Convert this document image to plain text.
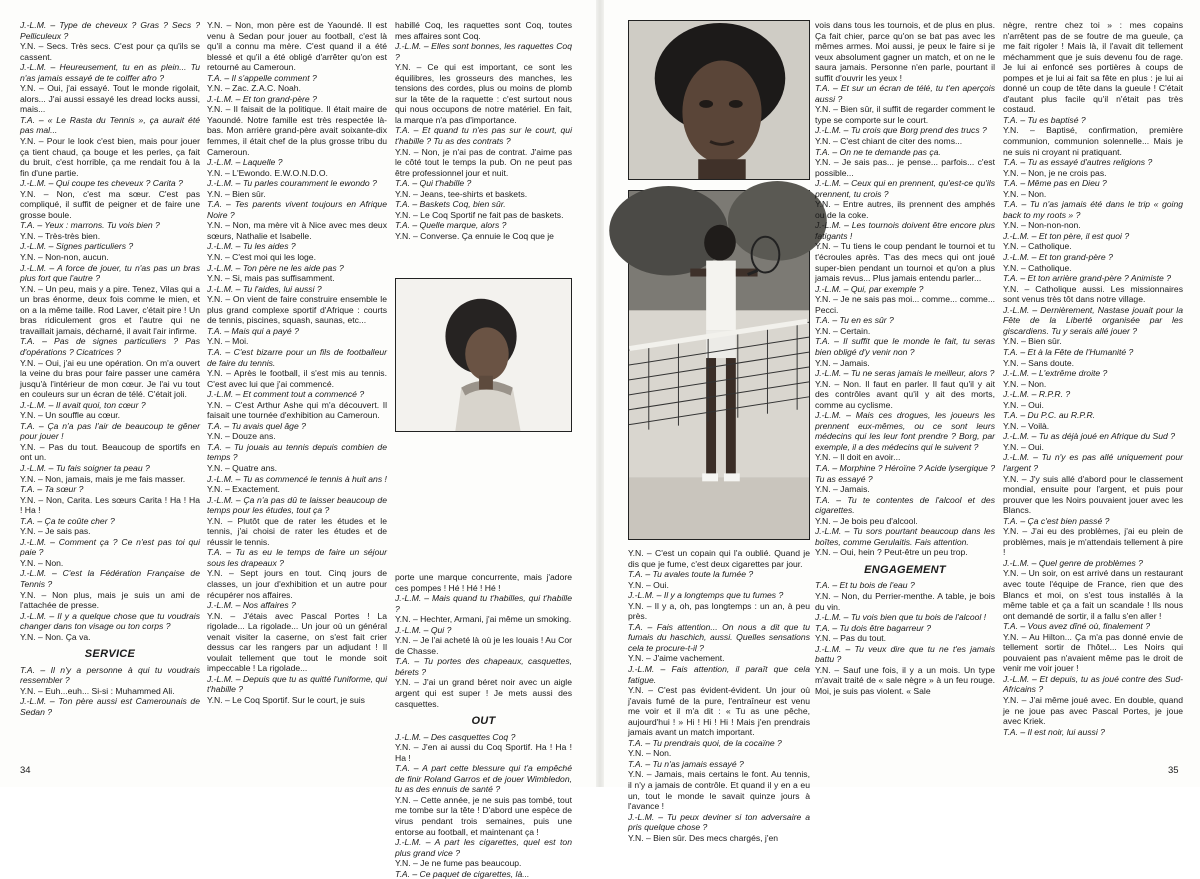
J.-L.M. – Type de cheveux ? Gras ? Secs ? Pelliculeux ?

Y.N. – Secs. Très secs. C'est pour ça qu'ils se cassent.

J.-L.M. – Heureusement, tu en as plein... Tu n'as jamais essayé de te coiffer afro ?

Y.N. – Oui, j'ai essayé. Tout le monde rigolait, alors... J'ai aussi essayé les dread locks aussi, mais...

T.A. – « Le Rasta du Tennis », ça aurait été pas mal...

Y.N. – Pour le look c'est bien, mais pour jouer ça tient chaud, ça bouge et les perles, ça fait du bruit, c'est horrible, ça me rendait fou à la fin d'une partie.

J.-L.M. – Qui coupe tes cheveux ? Carita ?

Y.N. – Non, c'est ma sœur. C'est pas compliqué, il suffit de peigner et de faire une grosse boule.

T.A. – Yeux : marrons. Tu vois bien ?

Y.N. – Très-très bien.

J.-L.M. – Signes particuliers ?

Y.N. – Non-non, aucun.

J.-L.M. – A force de jouer, tu n'as pas un bras plus fort que l'autre ?

Y.N. – Un peu, mais y a pire. Tenez, Vilas qui a un bras énorme, deux fois comme le mien, et on a la même taille. Rod Laver, c'était pire ! Un bras ridiculement gros et l'autre qui ne travaillait jamais, décharné, il avait l'air infirme.

T.A. – Pas de signes particuliers ? Pas d'opérations ? Cicatrices ?

Y.N. – Oui, j'ai eu une opération. On m'a ouvert la veine du bras pour faire passer une caméra jusqu'à l'intérieur de mon cœur. Je l'ai vu tout en couleurs sur un écran de télé. C'était joli.

J.-L.M. – Il avait quoi, ton cœur ?

Y.N. – Un souffle au cœur.

T.A. – Ça n'a pas l'air de beaucoup te gêner pour jouer !

Y.N. – Pas du tout. Beaucoup de sportifs en ont un.

J.-L.M. – Tu fais soigner ta peau ?

Y.N. – Non, jamais, mais je me fais masser.

T.A. – Ta sœur ?

Y.N. – Non, Carita. Les sœurs Carita ! Ha ! Ha ! Ha !

T.A. – Ça te coûte cher ?

Y.N. – Je sais pas.

J.-L.M. – Comment ça ? Ce n'est pas toi qui paie ?

Y.N. – Non.

J.-L.M. – C'est la Fédération Française de Tennis ?

Y.N. – Non plus, mais je suis un ami de l'attachée de presse.

J.-L.M. – Il y a quelque chose que tu voudrais changer dans ton visage ou ton corps ?

Y.N. – Non. Ça va.

SERVICE

T.A. – Il n'y a personne à qui tu voudrais ressembler ?

Y.N. – Euh...euh... Si-si : Muhammed Ali.

J.-L.M. – Ton père aussi est Camerounais de Sedan ?

Y.N. – Non, mon père est de Yaoundé. Il est venu à Sedan pour jouer au football, c'est là qu'il a connu ma mère. C'est quand il a été blessé et qu'il a été obligé d'arrêter qu'on est retourné au Cameroun.

T.A. – Il s'appelle comment ?

Y.N. – Zac. Z.A.C. Noah.

J.-L.M. – Et ton grand-père ?

Y.N. – Il faisait de la politique. Il était maire de Yaoundé. Notre famille est très respectée là-bas. Mon arrière grand-père avait soixante-dix femmes, il était chef de la plus grosse tribu du Cameroun.

J.-L.M. – Laquelle ?

Y.N. – L'Ewondo. E.W.O.N.D.O.

J.-L.M. – Tu parles couramment le ewondo ?

Y.N. – Bien sûr.

T.A. – Tes parents vivent toujours en Afrique Noire ?

Y.N. – Non, ma mère vit à Nice avec mes deux sœurs, Nathalie et Isabelle.

J.-L.M. – Tu les aides ?

Y.N. – C'est moi qui les loge.

J.-L.M. – Ton père ne les aide pas ?

Y.N. – Si, mais pas suffisamment.

J.-L.M. – Tu l'aides, lui aussi ?

Y.N. – On vient de faire construire ensemble le plus grand complexe sportif d'Afrique : courts de tennis, piscines, squash, saunas, etc...

T.A. – Mais qui a payé ?

Y.N. – Moi.

T.A. – C'est bizarre pour un fils de footballeur de faire du tennis.

Y.N. – Après le football, il s'est mis au tennis. C'est avec lui que j'ai commencé.

J.-L.M. – Et comment tout a commencé ?

Y.N. – C'est Arthur Ashe qui m'a découvert. Il faisait une tournée d'exhibition au Cameroun.

T.A. – Tu avais quel âge ?

Y.N. – Douze ans.

T.A. – Tu jouais au tennis depuis combien de temps ?

Y.N. – Quatre ans.

J.-L.M. – Tu as commencé le tennis à huit ans !

Y.N. – Exactement.

J.-L.M. – Ça n'a pas dû te laisser beaucoup de temps pour les études, tout ça ?

Y.N. – Plutôt que de rater les études et le tennis, j'ai choisi de rater les études et de réussir le tennis.

T.A. – Tu as eu le temps de faire un séjour sous les drapeaux ?

Y.N. – Sept jours en tout. Cinq jours de classes, un jour d'exhibition et un autre pour récupérer nos affaires.

J.-L.M. – Nos affaires ?

Y.N. – J'étais avec Pascal Portes ! La rigolade... La rigolade... Un jour où un général venait visiter la caserne, on s'est fait crier dessus car les rangers par un adjudant ! Il voulait tellement que tout le monde soit impeccable ! La rigolade...

J.-L.M. – Depuis que tu as quitté l'uniforme, qui t'habille ?

Y.N. – Le Coq Sportif. Sur le court, je suis

habillé Coq, les raquettes sont Coq, toutes mes affaires sont Coq.

J.-L.M. – Elles sont bonnes, les raquettes Coq ?

Y.N. – Ce qui est important, ce sont les équilibres, les grosseurs des manches, les tensions des cordes, plus ou moins de plomb sur la tête de la raquette : c'est surtout nous qui nous occupons de notre matériel. En fait, la marque n'a pas d'importance.

T.A. – Et quand tu n'es pas sur le court, qui t'habille ? Tu as des contrats ?

Y.N. – Non, je n'ai pas de contrat. J'aime pas le côté tout le temps la pub. On ne peut pas être professionnel jour et nuit.

T.A. – Qui t'habille ?

Y.N. – Jeans, tee-shirts et baskets.

T.A. – Baskets Coq, bien sûr.

Y.N. – Le Coq Sportif ne fait pas de baskets.

T.A. – Quelle marque, alors ?

Y.N. – Converse. Ça ennuie le Coq que je

porte une marque concurrente, mais j'adore ces pompes ! Hé ! Hé ! Hé !

J.-L.M. – Mais quand tu t'habilles, qui t'habille ?

Y.N. – Hechter, Armani, j'ai même un smoking.

J.-L.M. – Qui ?

Y.N. – Je l'ai acheté là où je les louais ! Au Cor de Chasse.

T.A. – Tu portes des chapeaux, casquettes, bérets ?

Y.N. – J'ai un grand béret noir avec un aigle argent qui est super ! Je mets aussi des casquettes.

OUT

J.-L.M. – Des casquettes Coq ?

Y.N. – J'en ai aussi du Coq Sportif. Ha ! Ha ! Ha !

T.A. – A part cette blessure qui t'a empêché de finir Roland Garros et de jouer Wimbledon, tu as des ennuis de santé ?

Y.N. – Cette année, je ne suis pas tombé, tout me tombe sur la tête ! D'abord une espèce de virus pendant trois semaines, puis une entorse au football, et maintenant ça !

J.-L.M. – A part les cigarettes, quel est ton plus grand vice ?

Y.N. – Je ne fume pas beaucoup.

T.A. – Ce paquet de cigarettes, là...

Y.N. – C'est un copain qui l'a oublié. Quand je dis que je fume, c'est deux cigarettes par jour.

T.A. – Tu avales toute la fumée ?

Y.N. – Oui.

J.-L.M. – Il y a longtemps que tu fumes ?

Y.N. – Il y a, oh, pas longtemps : un an, à peu près.

T.A. – Fais attention... On nous a dit que tu fumais du haschich, aussi. Quelles sensations cela te procure-t-il ?

Y.N. – J'aime vachement.

J.-L.M. – Fais attention, il paraît que cela fatigue.

Y.N. – C'est pas évident-évident. Un jour où j'avais fumé de la pure, l'entraîneur est venu me voir et il m'a dit : « Tu as une pêche, aujourd'hui ! » Hi ! Hi ! Hi ! Mais j'en prendrais jamais avant un match important.

T.A. – Tu prendrais quoi, de la cocaïne ?

Y.N. – Non.

T.A. – Tu n'as jamais essayé ?

Y.N. – Jamais, mais certains le font. Au tennis, il n'y a jamais de contrôle. Et quand il y en a eu un, tout le monde le savait quinze jours à l'avance !

J.-L.M. – Tu peux deviner si ton adversaire a pris quelque chose ?

Y.N. – Bien sûr. Des mecs chargés, j'en

vois dans tous les tournois, et de plus en plus. Ça fait chier, parce qu'on se bat pas avec les mêmes armes. Moi aussi, je peux le faire si je veux absolument gagner un match, et on ne le saura jamais. Personne n'en parle, pourtant il suffit d'ouvrir les yeux !

T.A. – Et sur un écran de télé, tu t'en aperçois aussi ?

Y.N. – Bien sûr, il suffit de regarder comment le type se comporte sur le court.

J.-L.M. – Tu crois que Borg prend des trucs ?

Y.N. – C'est chiant de citer des noms...

T.A. – On ne te demande pas ça.

Y.N. – Je sais pas... je pense... parfois... c'est possible...

J.-L.M. – Ceux qui en prennent, qu'est-ce qu'ils prennent, tu crois ?

Y.N. – Entre autres, ils prennent des amphés ou de la coke.

J.-L.M. – Les tournois doivent être encore plus fatigants !

Y.N. – Tu tiens le coup pendant le tournoi et tu t'écroules après. T'as des mecs qui ont joué super-bien pendant un tournoi et qu'on a plus jamais revus... Plus jamais entendu parler...

J.-L.M. – Qui, par exemple ?

Y.N. – Je ne sais pas moi... comme... comme... Pecci.

T.A. – Tu en es sûr ?

Y.N. – Certain.

T.A. – Il suffit que le monde le fait, tu seras bien obligé d'y venir non ?

Y.N. – Jamais.

J.-L.M. – Tu ne seras jamais le meilleur, alors ?

Y.N. – Non. Il faut en parler. Il faut qu'il y ait des contrôles avant qu'il y ait des morts, comme au cyclisme.

J.-L.M. – Mais ces drogues, les joueurs les prennent eux-mêmes, ou ce sont leurs médecins qui les leur font prendre ? Borg, par exemple, il a des médecins qui le suivent ?

Y.N. – Il doit en avoir...

T.A. – Morphine ? Héroïne ? Acide lysergique ? Tu as essayé ?

Y.N. – Jamais.

T.A. – Tu te contentes de l'alcool et des cigarettes.

Y.N. – Je bois peu d'alcool.

J.-L.M. – Tu sors pourtant beaucoup dans les boîtes, comme Gerulaitis. Fais attention.

Y.N. – Oui, hein ? Peut-être un peu trop.

ENGAGEMENT

T.A. – Et tu bois de l'eau ?

Y.N. – Non, du Perrier-menthe. A table, je bois du vin.

J.-L.M. – Tu vois bien que tu bois de l'alcool !

T.A. – Tu dois être bagarreur ?

Y.N. – Pas du tout.

J.-L.M. – Tu veux dire que tu ne t'es jamais battu ?

Y.N. – Sauf une fois, il y a un mois. Un type m'avait traité de « sale nègre » à un feu rouge. Moi, je suis pas violent. « Sale

nègre, rentre chez toi » : mes copains n'arrêtent pas de se foutre de ma gueule, ça me fait rigoler ! Mais là, il l'avait dit tellement méchamment que je suis devenu fou de rage. Je lui ai enfoncé ses portières à coups de pompes et je lui ai fait sa fête en plus : je lui ai donné un coup de tête dans la gueule ! C'était d'autant plus facile qu'il n'était pas très costaud.

T.A. – Tu es baptisé ?

Y.N. – Baptisé, confirmation, première communion, communion solennelle... Mais je ne suis ni croyant ni pratiquant.

T.A. – Tu as essayé d'autres religions ?

Y.N. – Non, je ne crois pas.

T.A. – Même pas en Dieu ?

Y.N. – Non.

T.A. – Tu n'as jamais été dans le trip « going back to my roots » ?

Y.N. – Non-non-non.

J.-L.M. – Et ton père, il est quoi ?

Y.N. – Catholique.

J.-L.M. – Et ton grand-père ?

Y.N. – Catholique.

T.A. – Et ton arrière grand-père ? Animiste ?

Y.N. – Catholique aussi. Les missionnaires sont venus très tôt dans notre village.

J.-L.M. – Dernièrement, Nastase jouait pour la Fête de la Liberté organisée par les giscardiens. Tu y serais allé jouer ?

Y.N. – Bien sûr.

T.A. – Et à la Fête de l'Humanité ?

Y.N. – Sans doute.

J.-L.M. – L'extrême droite ?

Y.N. – Non.

J.-L.M. – R.P.R. ?

Y.N. – Oui.

T.A. – Du P.C. au R.P.R.

Y.N. – Voilà.

J.-L.M. – Tu as déjà joué en Afrique du Sud ?

Y.N. – Oui.

J.-L.M. – Tu n'y es pas allé uniquement pour l'argent ?

Y.N. – J'y suis allé d'abord pour le classement mondial, ensuite pour l'argent, et puis pour prouver que les Noirs pouvaient jouer avec les Blancs.

T.A. – Ça c'est bien passé ?

Y.N. – J'ai eu des problèmes, j'ai eu plein de problèmes, mais je m'attendais tellement à pire !

J.-L.M. – Quel genre de problèmes ?

Y.N. – Un soir, on est arrivé dans un restaurant avec toute l'équipe de France, rien que des Blancs et moi, on s'est tous installés à la même table et ça a fait un scandale ! Ils nous ont demandé de sortir, il a fallu s'en aller !

T.A. – Vous avez dîné où, finalement ?

Y.N. – Au Hilton... Ça m'a pas donné envie de tellement sortir de l'hôtel... Les Noirs qui pouvaient pas n'avaient même pas le droit de venir me voir jouer !

J.-L.M. – Et depuis, tu as joué contre des Sud-Africains ?

Y.N. – J'ai même joué avec. En double, quand je ne joue pas avec Pascal Portes, je joue avec Kriek.

T.A. – Il est noir, lui aussi ?

34	35
